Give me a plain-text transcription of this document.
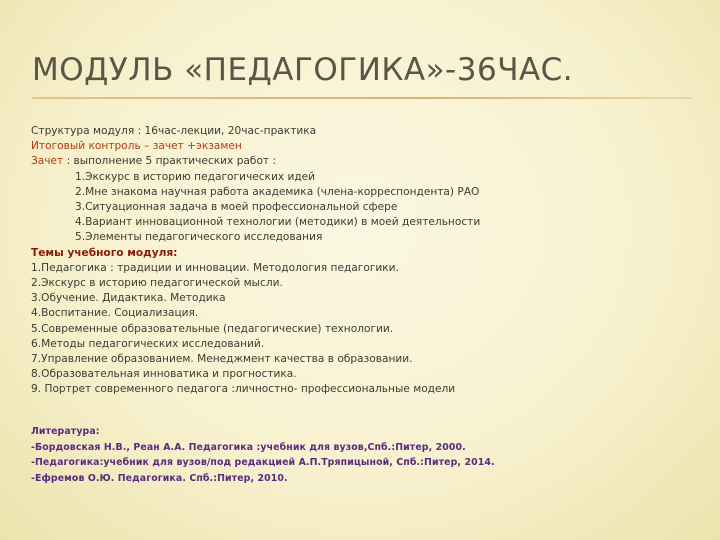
МОДУЛЬ «ПЕДАГОГИКА»-36ЧАС.
Структура модуля : 16час-лекции, 20час-практика
Итоговый контроль – зачет +экзамен
Зачет : выполнение 5 практических работ :
1.Экскурс в историю педагогических идей
2.Мне знакома научная работа академика (члена-корреспондента) РАО
3.Ситуационная задача в моей профессиональной сфере
4.Вариант инновационной технологии (методики) в моей деятельности
5.Элементы педагогического исследования
Темы учебного модуля:
1.Педагогика : традиции и инновации. Методология педагогики.
2.Экскурс в историю педагогической мысли.
3.Обучение. Дидактика. Методика
4.Воспитание. Социализация.
5.Современные образовательные (педагогические) технологии.
6.Методы педагогических исследований.
7.Управление образованием. Менеджмент качества в образовании.
8.Образовательная инноватика и прогностика.
9. Портрет современного педагога :личностно- профессиональные модели
Литература:
-Бордовская Н.В., Реан А.А. Педагогика :учебник для вузов,Спб.:Питер, 2000.
-Педагогика:учебник для вузов/под редакцией А.П.Тряпицыной, Спб.:Питер, 2014.
-Ефремов О.Ю. Педагогика. Спб.:Питер, 2010.
